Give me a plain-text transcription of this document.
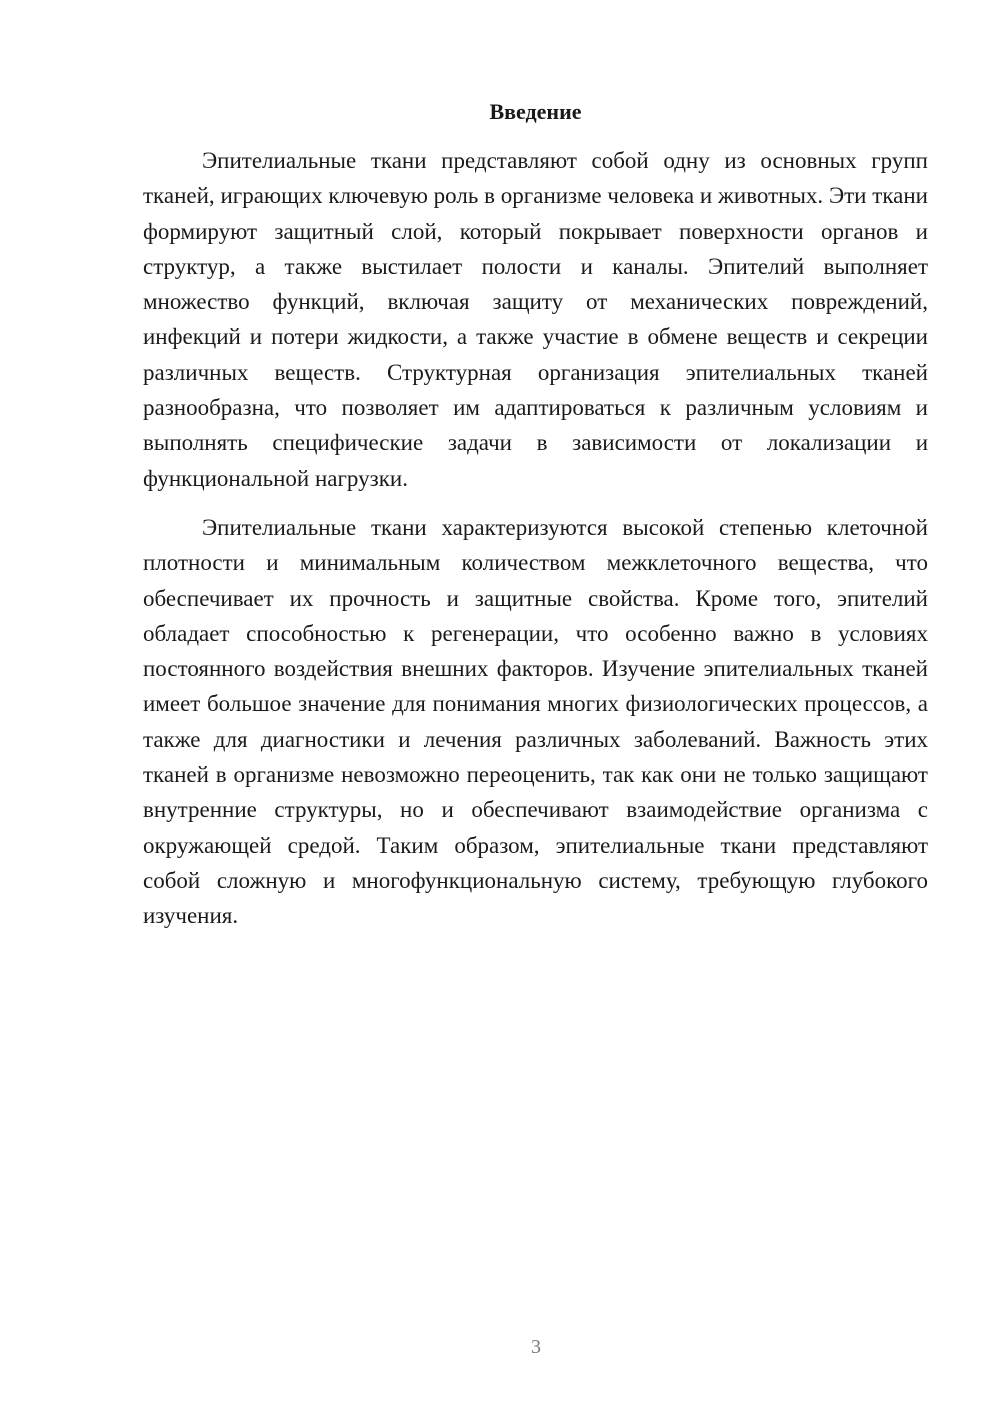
Введение

Эпителиальные ткани представляют собой одну из основных групп тканей, играющих ключевую роль в организме человека и животных. Эти ткани формируют защитный слой, который покрывает поверхности органов и структур, а также выстилает полости и каналы. Эпителий выполняет множество функций, включая защиту от механических повреждений, инфекций и потери жидкости, а также участие в обмене веществ и секреции различных веществ. Структурная организация эпителиальных тканей разнообразна, что позволяет им адаптироваться к различным условиям и выполнять специфические задачи в зависимости от локализации и функциональной нагрузки.

Эпителиальные ткани характеризуются высокой степенью клеточной плотности и минимальным количеством межклеточного вещества, что обеспечивает их прочность и защитные свойства. Кроме того, эпителий обладает способностью к регенерации, что особенно важно в условиях постоянного воздействия внешних факторов. Изучение эпителиальных тканей имеет большое значение для понимания многих физиологических процессов, а также для диагностики и лечения различных заболеваний. Важность этих тканей в организме невозможно переоценить, так как они не только защищают внутренние структуры, но и обеспечивают взаимодействие организма с окружающей средой. Таким образом, эпителиальные ткани представляют собой сложную и многофункциональную систему, требующую глубокого изучения.

3
